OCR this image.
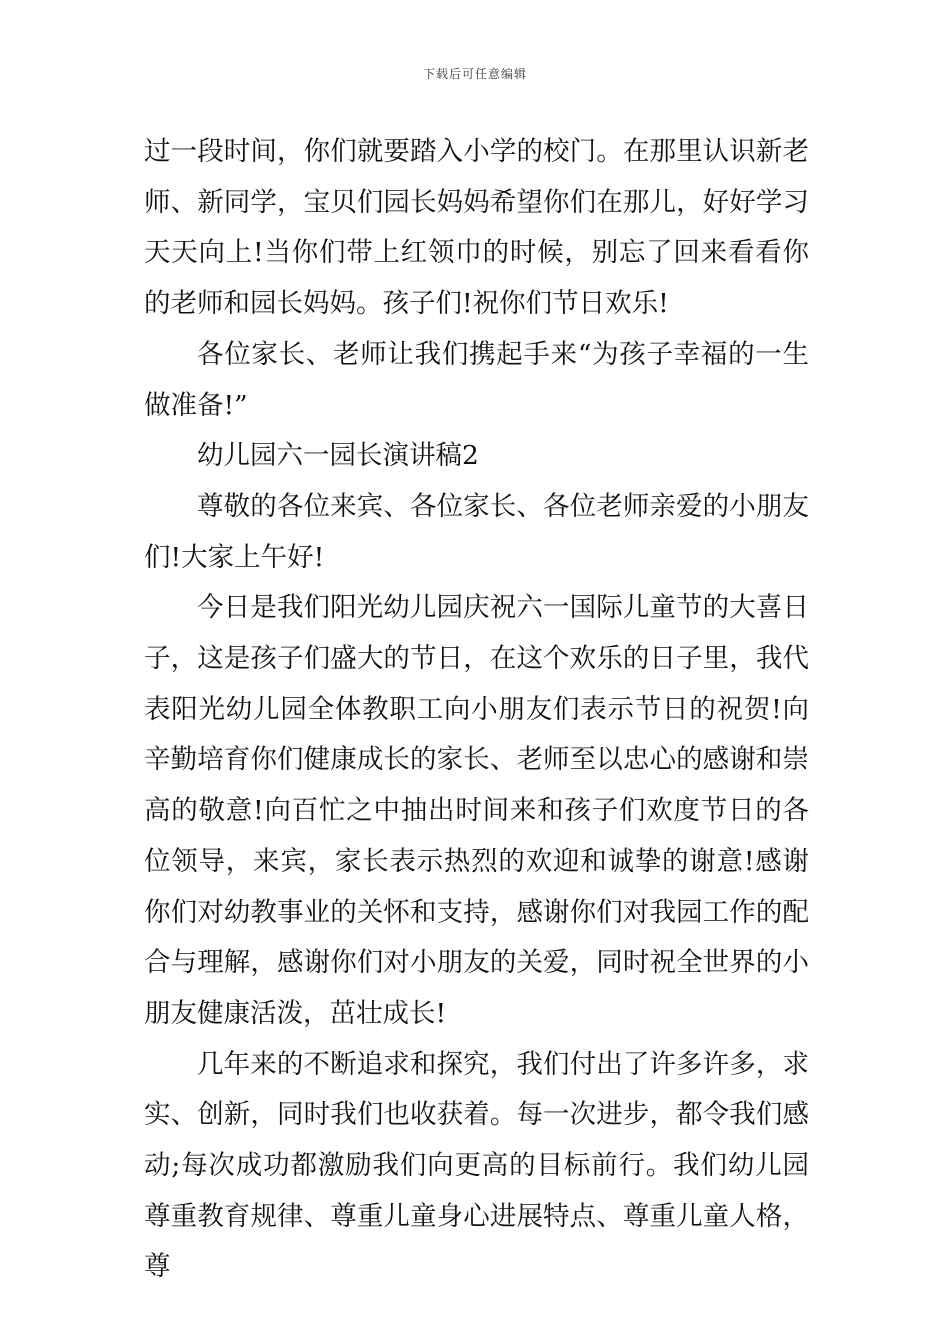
下载后可任意编辑

过一段时间，你们就要踏入小学的校门。在那里认识新老师、新同学，宝贝们园长妈妈希望你们在那儿，好好学习天天向上!当你们带上红领巾的时候，别忘了回来看看你的老师和园长妈妈。孩子们!祝你们节日欢乐!

各位家长、老师让我们携起手来“为孩子幸福的一生做准备!”

幼儿园六一园长演讲稿2

尊敬的各位来宾、各位家长、各位老师亲爱的小朋友们!大家上午好!

今日是我们阳光幼儿园庆祝六一国际儿童节的大喜日子，这是孩子们盛大的节日，在这个欢乐的日子里，我代表阳光幼儿园全体教职工向小朋友们表示节日的祝贺!向辛勤培育你们健康成长的家长、老师至以忠心的感谢和崇高的敬意!向百忙之中抽出时间来和孩子们欢度节日的各位领导，来宾，家长表示热烈的欢迎和诚挚的谢意!感谢你们对幼教事业的关怀和支持，感谢你们对我园工作的配合与理解，感谢你们对小朋友的关爱，同时祝全世界的小朋友健康活泼，茁壮成长!

几年来的不断追求和探究，我们付出了许多许多，求实、创新，同时我们也收获着。每一次进步，都令我们感动;每次成功都激励我们向更高的目标前行。我们幼儿园尊重教育规律、尊重儿童身心进展特点、尊重儿童人格，尊
